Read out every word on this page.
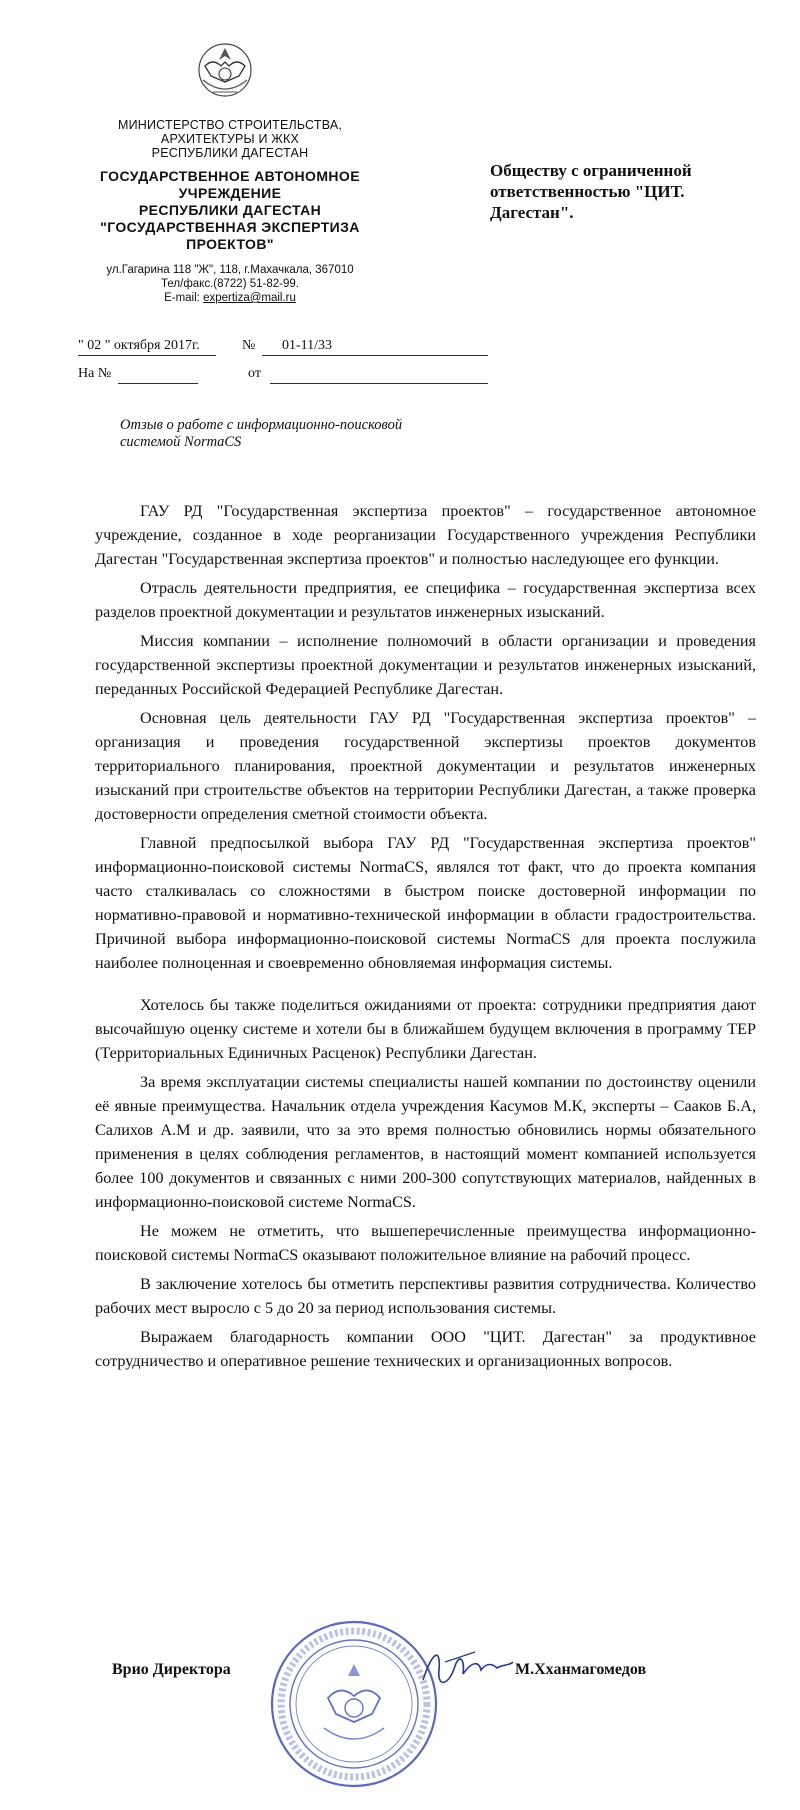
МИНИСТЕРСТВО СТРОИТЕЛЬСТВА,
АРХИТЕКТУРЫ И ЖКХ
РЕСПУБЛИКИ ДАГЕСТАН
ГОСУДАРСТВЕННОЕ АВТОНОМНОЕ
УЧРЕЖДЕНИЕ
РЕСПУБЛИКИ ДАГЕСТАН
"ГОСУДАРСТВЕННАЯ ЭКСПЕРТИЗА
ПРОЕКТОВ"
ул.Гагарина 118 "Ж", 118, г.Махачкала, 367010
Тел/факс.(8722) 51-82-99.
E-mail: expertiza@mail.ru
Обществу с ограниченной ответственностью "ЦИТ. Дагестан".
" 02 " октября 2017г.	№ 01-11/33
На №	от
Отзыв о работе с информационно-поисковой
системой NormaCS

ГАУ РД "Государственная экспертиза проектов" – государственное автономное учреждение, созданное в ходе реорганизации Государственного учреждения Республики Дагестан "Государственная экспертиза проектов" и полностью наследующее его функции.

Отрасль деятельности предприятия, ее специфика – государственная экспертиза всех разделов проектной документации и результатов инженерных изысканий.

Миссия компании – исполнение полномочий в области организации и проведения государственной экспертизы проектной документации и результатов инженерных изысканий, переданных Российской Федерацией Республике Дагестан.

Основная цель деятельности ГАУ РД "Государственная экспертиза проектов" – организация и проведения государственной экспертизы проектов документов территориального планирования, проектной документации и результатов инженерных изысканий при строительстве объектов на территории Республики Дагестан, а также проверка достоверности определения сметной стоимости объекта.

Главной предпосылкой выбора ГАУ РД "Государственная экспертиза проектов" информационно-поисковой системы NormaCS, являлся тот факт, что до проекта компания часто сталкивалась со сложностями в быстром поиске достоверной информации по нормативно-правовой и нормативно-технической информации в области градостроительства. Причиной выбора информационно-поисковой системы NormaCS для проекта послужила наиболее полноценная и своевременно обновляемая информация системы.

Хотелось бы также поделиться ожиданиями от проекта: сотрудники предприятия дают высочайшую оценку системе и хотели бы в ближайшем будущем включения в программу ТЕР (Территориальных Единичных Расценок) Республики Дагестан.

За время эксплуатации системы специалисты нашей компании по достоинству оценили её явные преимущества. Начальник отдела учреждения Касумов М.К, эксперты – Сааков Б.А, Салихов А.М и др. заявили, что за это время полностью обновились нормы обязательного применения в целях соблюдения регламентов, в настоящий момент компанией используется более 100 документов и связанных с ними 200-300 сопутствующих материалов, найденных в информационно-поисковой системе NormaCS.

Не можем не отметить, что вышеперечисленные преимущества информационно-поисковой системы NormaCS оказывают положительное влияние на рабочий процесс.

В заключение хотелось бы отметить перспективы развития сотрудничества. Количество рабочих мест выросло с 5 до 20 за период использования системы.

Выражаем благодарность компании ООО "ЦИТ. Дагестан" за продуктивное сотрудничество и оперативное решение технических и организационных вопросов.

Врио Директора	М.Хханмагомедов
